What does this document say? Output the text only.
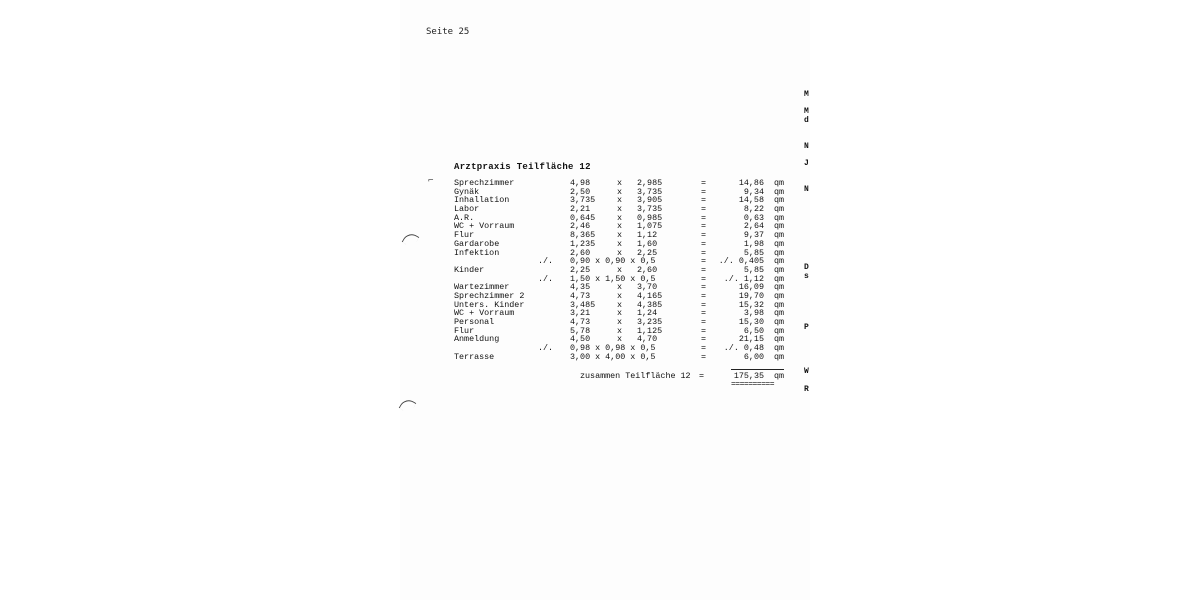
Seite 25
Arztpraxis Teilfläche 12
Sprechzimmer	4,98	x 2,985	=	14,86 qm
Gynäk	2,50	x 3,735	=	9,34 qm
Inhallation	3,735	x 3,905	=	14,58 qm
Labor	2,21	x 3,735	=	8,22 qm
A.R.	0,645	x 0,985	=	0,63 qm
WC + Vorraum	2,46	x 1,075	=	2,64 qm
Flur	8,365	x 1,12	=	9,37 qm
Gardarobe	1,235	x 1,60	=	1,98 qm
Infektion	2,60	x 2,25	=	5,85 qm
./. 0,90 x 0,90 x 0,5	= ./. 0,405 qm
Kinder	2,25	x 2,60	=	5,85 qm
./. 1,50 x 1,50 x 0,5	= ./. 1,12 qm
Wartezimmer	4,35	x 3,70	=	16,09 qm
Sprechzimmer 2	4,73	x 4,165	=	19,70 qm
Unters. Kinder	3,485	x 4,385	=	15,32 qm
WC + Vorraum	3,21	x 1,24	=	3,98 qm
Personal	4,73	x 3,235	=	15,30 qm
Flur	5,78	x 1,125	=	6,50 qm
Anmeldung	4,50	x 4,70	=	21,15 qm
./. 0,98 x 0,98 x 0,5	= ./. 0,48 qm
Terrasse	3,00 x 4,00 x 0,5	=	6,00 qm
zusammen Teilfläche 12 =	175,35 qm
==========
M
M
d
N
J
N
D
s
P
W
R
⌐
